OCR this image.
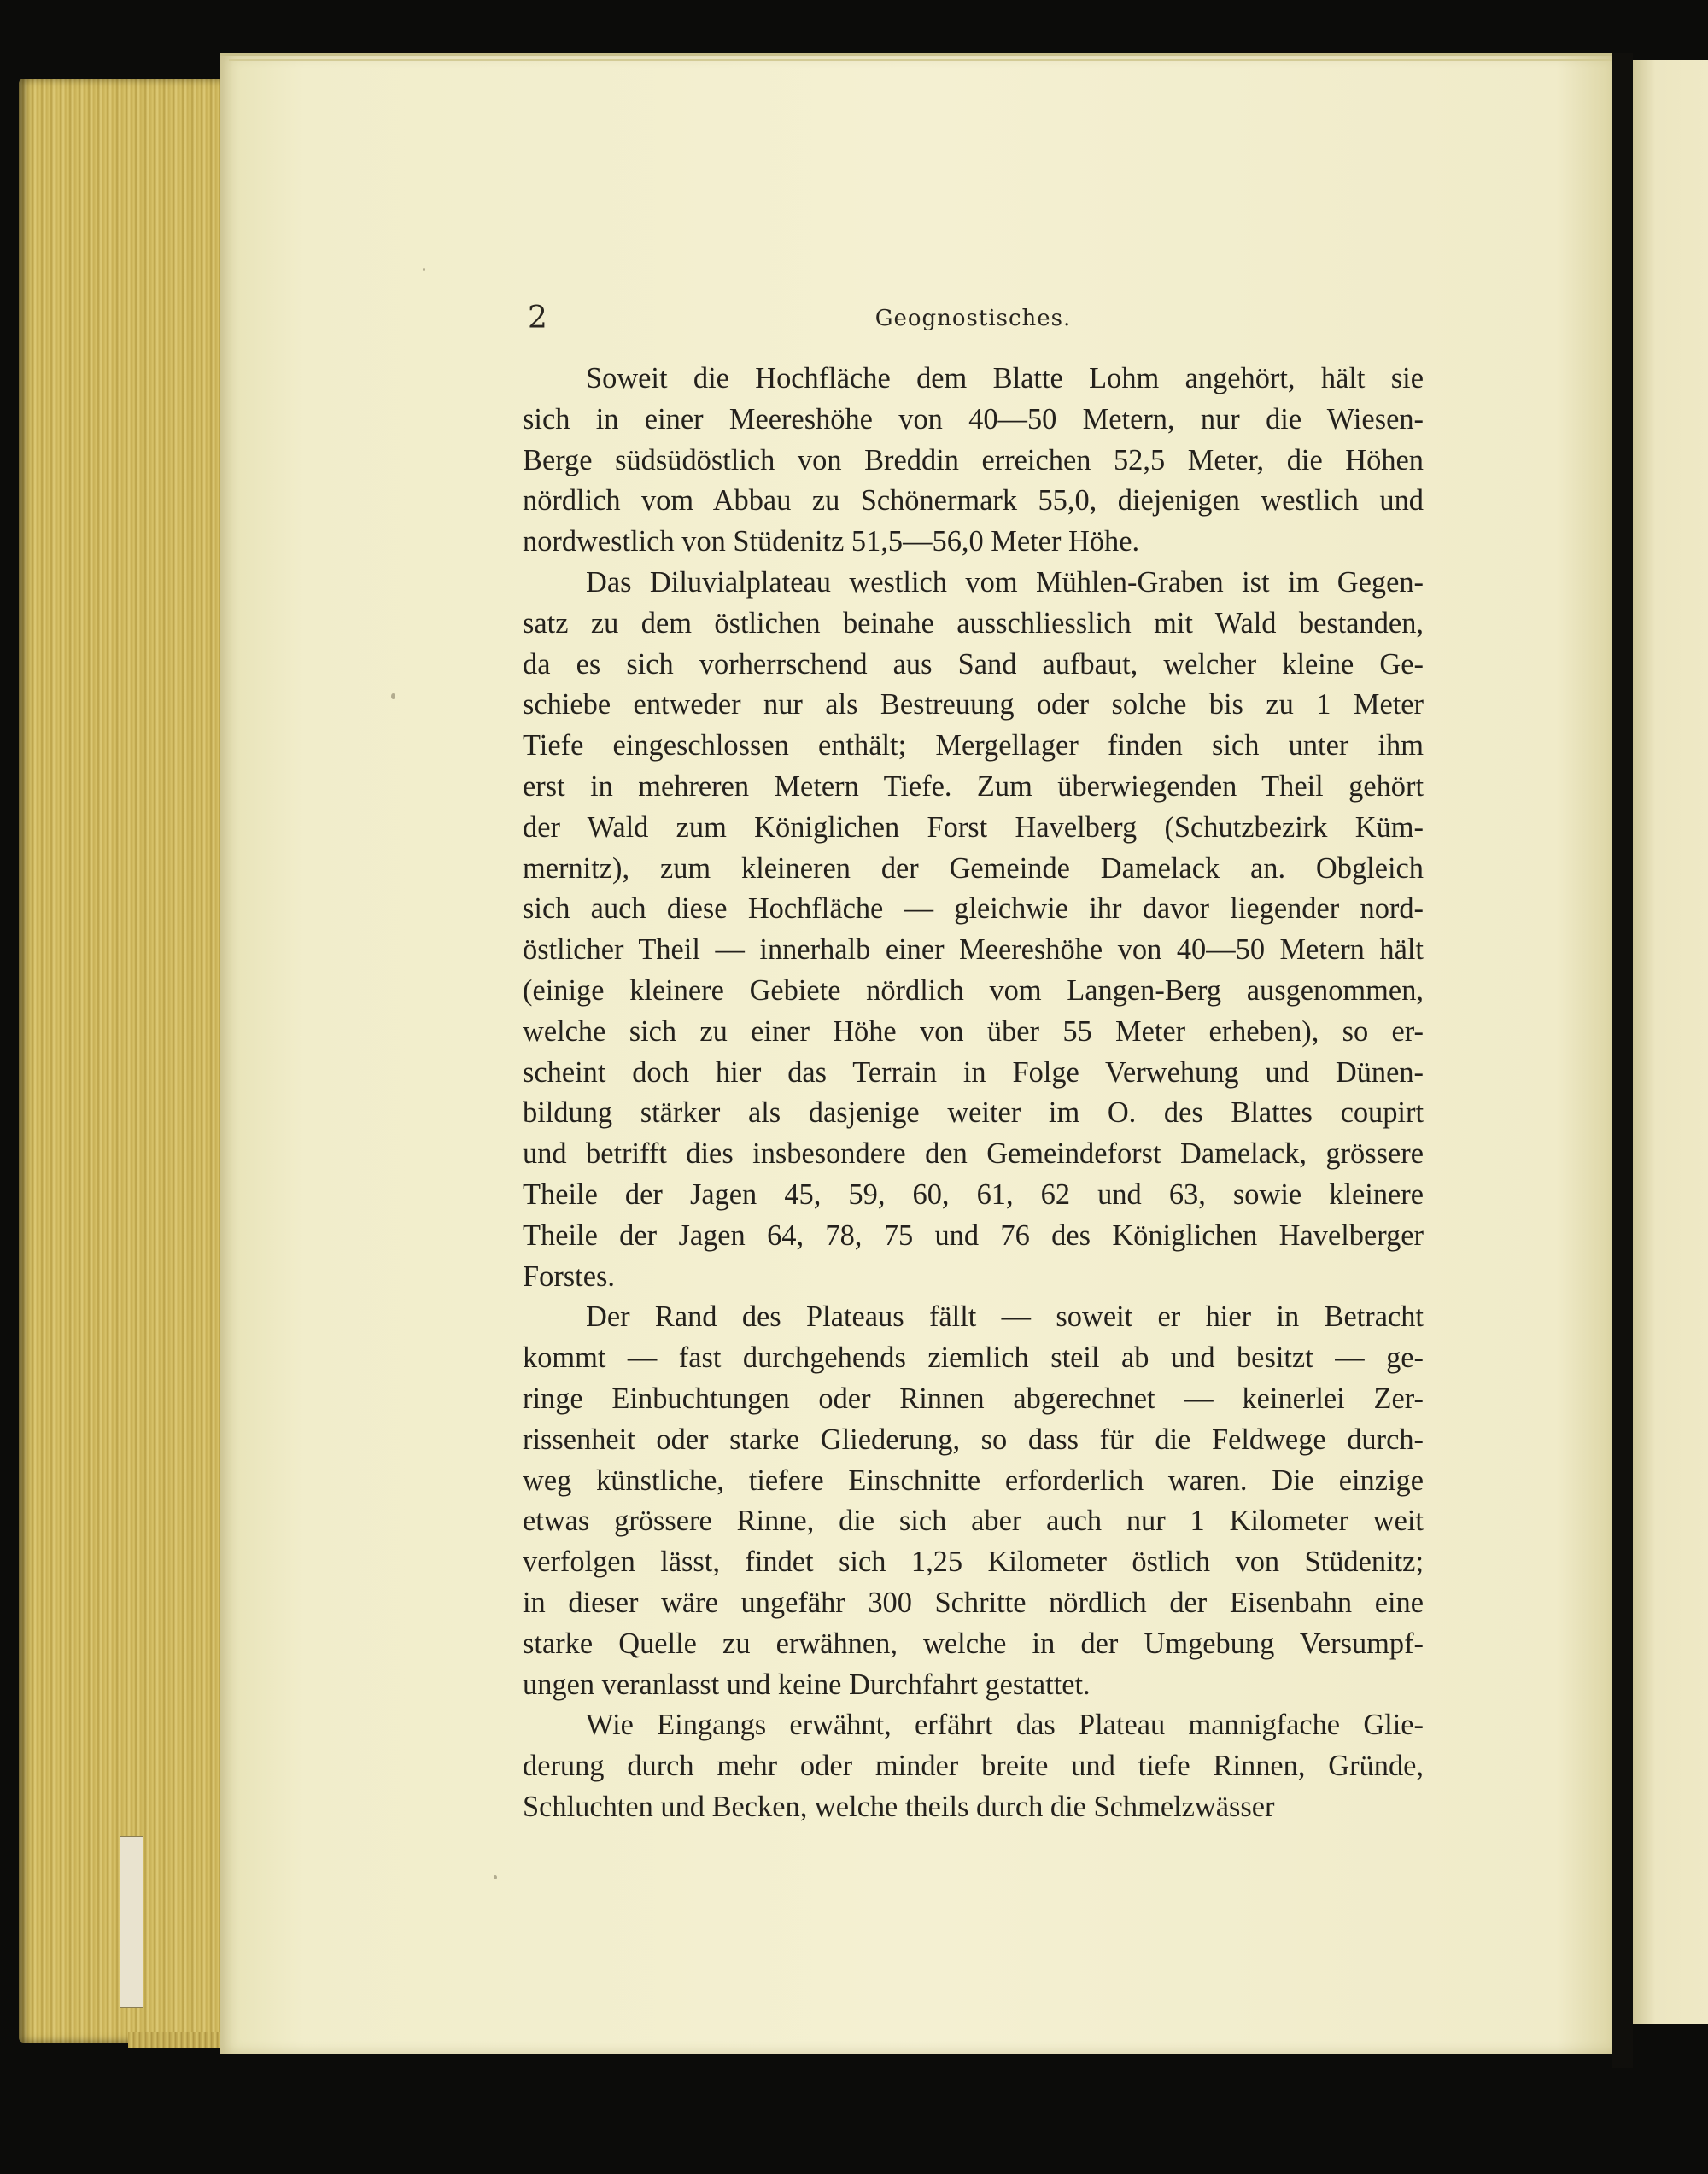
2	Geognostisches.
Soweit die Hochfläche dem Blatte Lohm angehört, hält sie
sich in einer Meereshöhe von 40—50 Metern, nur die Wiesen-
Berge südsüdöstlich von Breddin erreichen 52,5 Meter, die Höhen
nördlich vom Abbau zu Schönermark 55,0, diejenigen westlich und
nordwestlich von Stüdenitz 51,5—56,0 Meter Höhe.
Das Diluvialplateau westlich vom Mühlen-Graben ist im Gegen-
satz zu dem östlichen beinahe ausschliesslich mit Wald bestanden,
da es sich vorherrschend aus Sand aufbaut, welcher kleine Ge-
schiebe entweder nur als Bestreuung oder solche bis zu 1 Meter
Tiefe eingeschlossen enthält; Mergellager finden sich unter ihm
erst in mehreren Metern Tiefe. Zum überwiegenden Theil gehört
der Wald zum Königlichen Forst Havelberg (Schutzbezirk Küm-
mernitz), zum kleineren der Gemeinde Damelack an. Obgleich
sich auch diese Hochfläche — gleichwie ihr davor liegender nord-
östlicher Theil — innerhalb einer Meereshöhe von 40—50 Metern hält
(einige kleinere Gebiete nördlich vom Langen-Berg ausgenommen,
welche sich zu einer Höhe von über 55 Meter erheben), so er-
scheint doch hier das Terrain in Folge Verwehung und Dünen-
bildung stärker als dasjenige weiter im O. des Blattes coupirt
und betrifft dies insbesondere den Gemeindeforst Damelack, grössere
Theile der Jagen 45, 59, 60, 61, 62 und 63, sowie kleinere
Theile der Jagen 64, 78, 75 und 76 des Königlichen Havelberger
Forstes.
Der Rand des Plateaus fällt — soweit er hier in Betracht
kommt — fast durchgehends ziemlich steil ab und besitzt — ge-
ringe Einbuchtungen oder Rinnen abgerechnet — keinerlei Zer-
rissenheit oder starke Gliederung, so dass für die Feldwege durch-
weg künstliche, tiefere Einschnitte erforderlich waren. Die einzige
etwas grössere Rinne, die sich aber auch nur 1 Kilometer weit
verfolgen lässt, findet sich 1,25 Kilometer östlich von Stüdenitz;
in dieser wäre ungefähr 300 Schritte nördlich der Eisenbahn eine
starke Quelle zu erwähnen, welche in der Umgebung Versumpf-
ungen veranlasst und keine Durchfahrt gestattet.
Wie Eingangs erwähnt, erfährt das Plateau mannigfache Glie-
derung durch mehr oder minder breite und tiefe Rinnen, Gründe,
Schluchten und Becken, welche theils durch die Schmelzwässer
